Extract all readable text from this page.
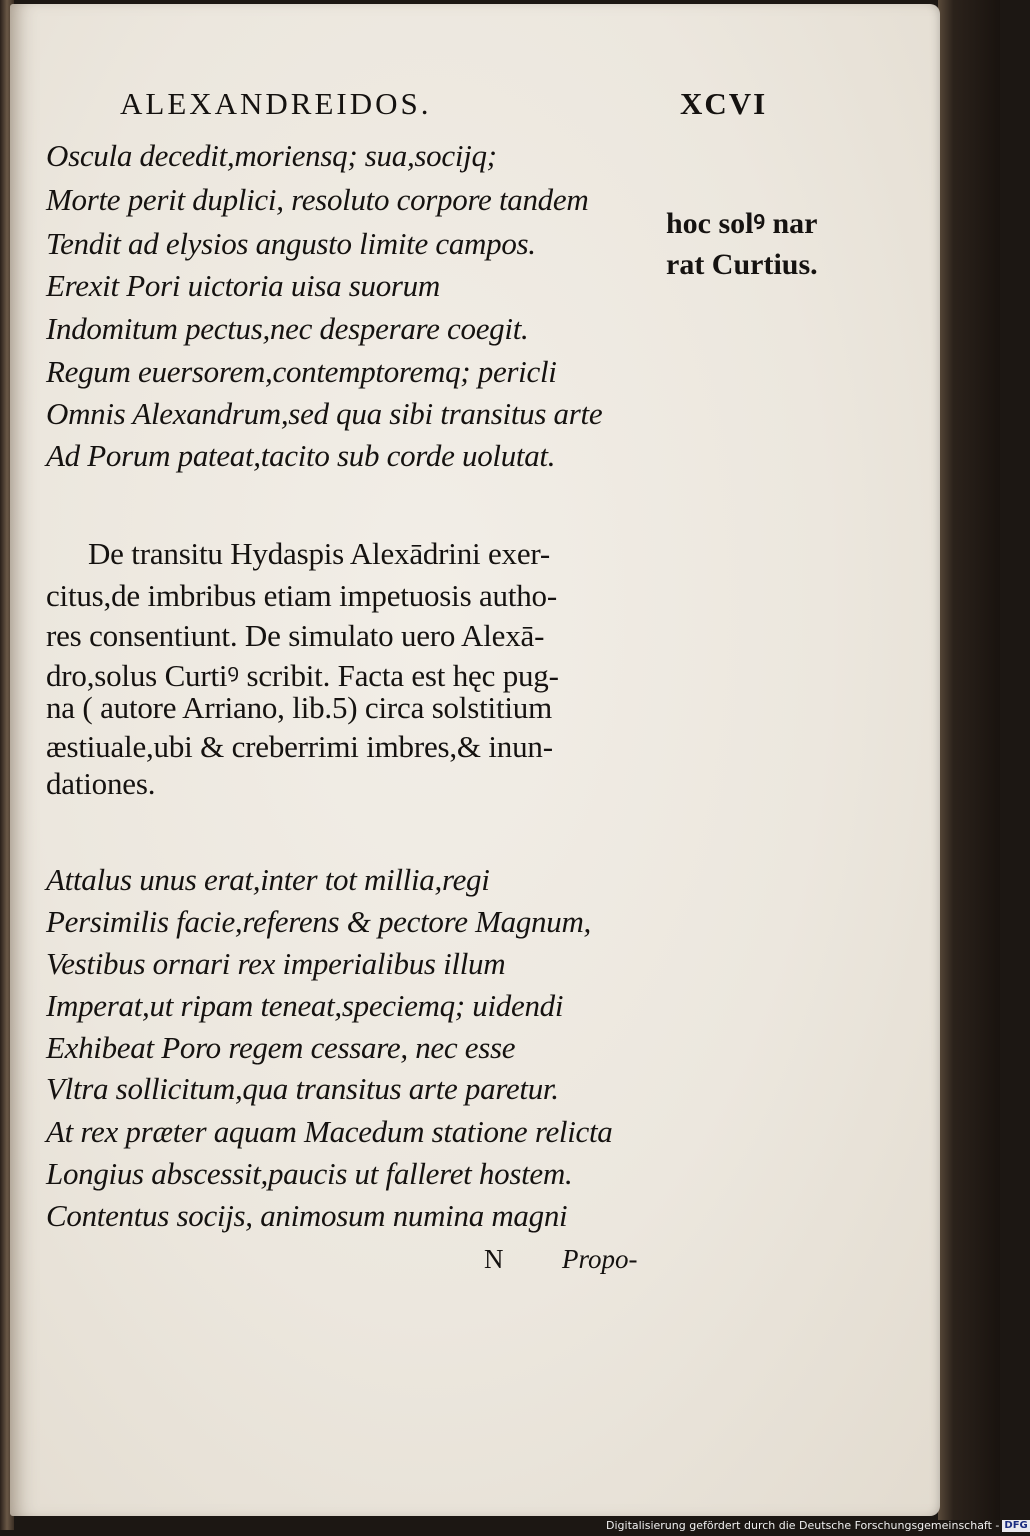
ALEXANDREIDOS.	XCVI

Oscula decedit,moriensq; sua,socijq;

Morte perit duplici, resoluto corpore tandem

Tendit ad elysios angusto limite campos.

Erexit Pori uictoria uisa suorum

Indomitum pectus,nec desperare coegit.

Regum euersorem,contemptoremq; pericli

Omnis Alexandrum,sed qua sibi transitus arte

Ad Porum pateat,tacito sub corde uolutat.

hoc solꝰ nar

rat Curtius.

De transitu Hydaspis Alexādrini exer-

citus,de imbribus etiam impetuosis autho-

res consentiunt. De simulato uero Alexā-

dro,solus Curtiꝰ scribit. Facta est hęc pug-

na ( autore Arriano, lib.5) circa solstitium

æstiuale,ubi & creberrimi imbres,& inun-

dationes.

Attalus unus erat,inter tot millia,regi

Persimilis facie,referens & pectore Magnum,

Vestibus ornari rex imperialibus illum

Imperat,ut ripam teneat,speciemq; uidendi

Exhibeat Poro regem cessare, nec esse

Vltra sollicitum,qua transitus arte paretur.

At rex præter aquam Macedum statione relicta

Longius abscessit,paucis ut falleret hostem.

Contentus socijs, animosum numina magni

N Propo-

Digitalisierung gefördert durch die Deutsche Forschungsgemeinschaft - DFG
